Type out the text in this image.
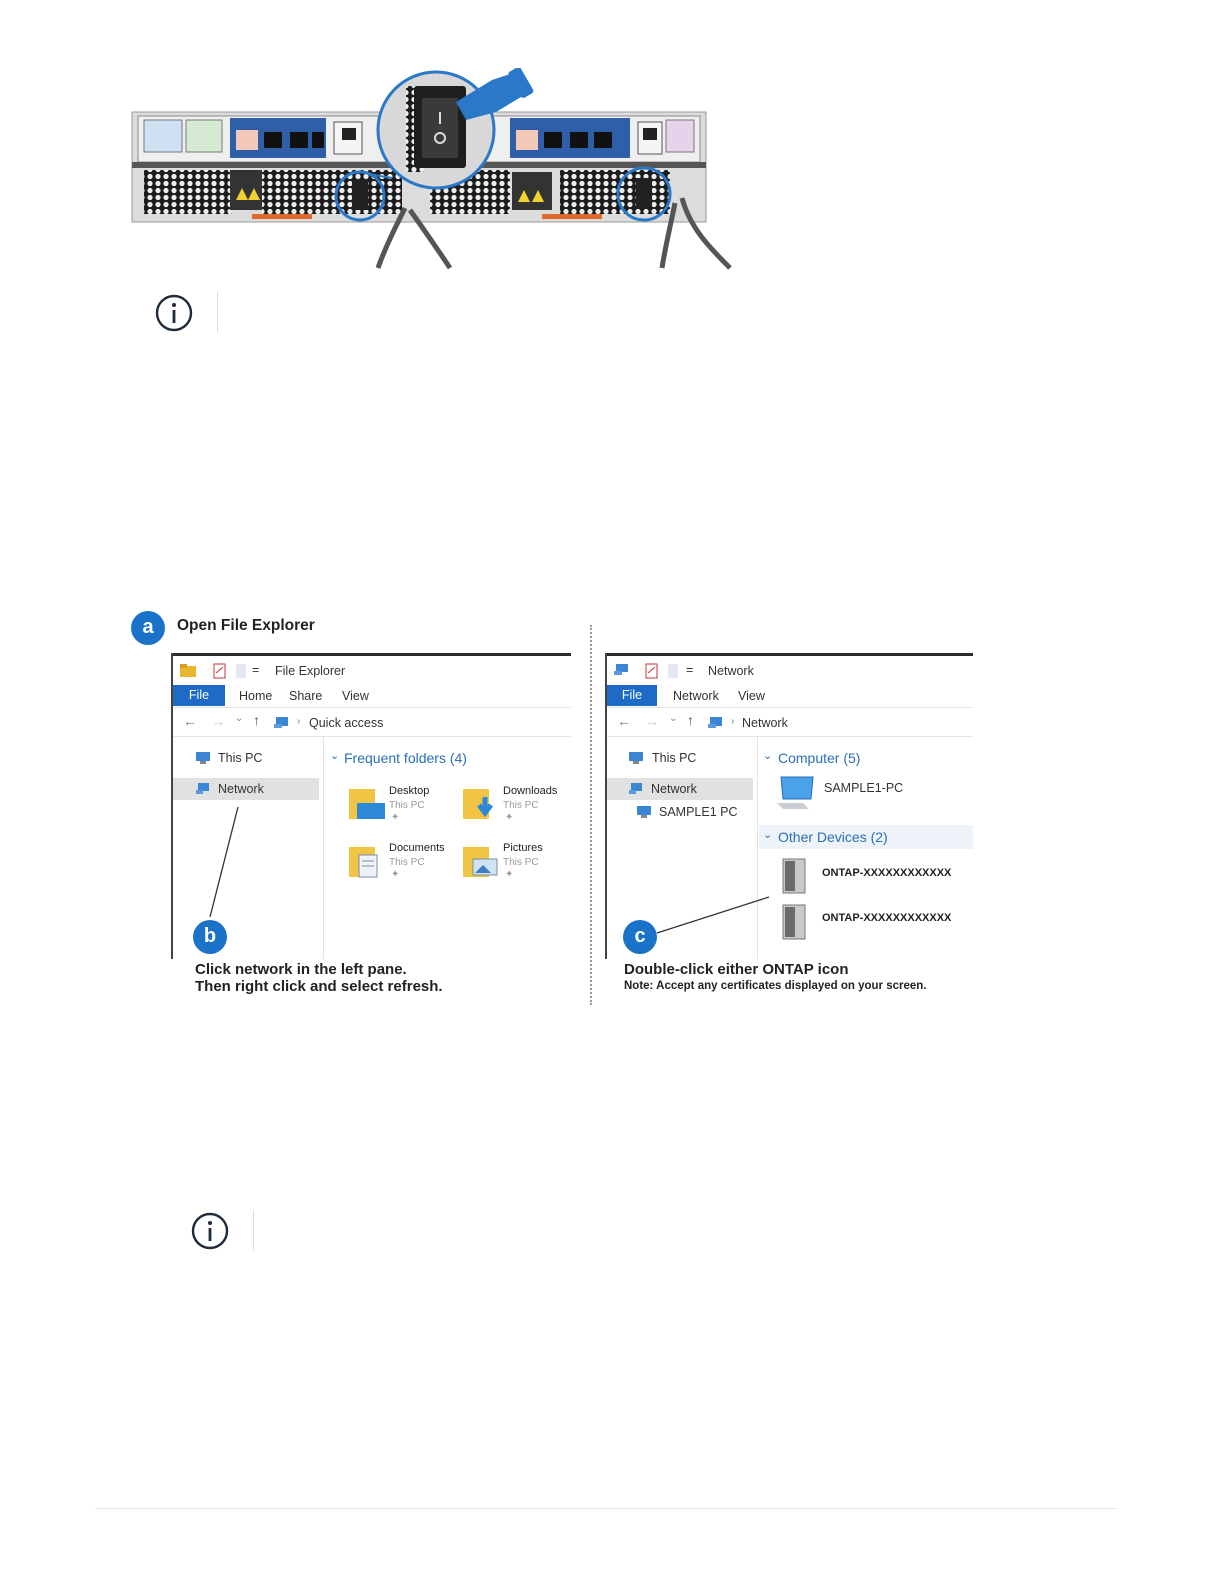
a	Open File Explorer
= File Explorer
File	Home Share View
← → ⌄ ↑	› Quick access
This PC
Network
⌄ Frequent folders (4)
Desktop
This PC
✦
Downloads
This PC
✦
Documents
This PC
✦
Pictures
This PC
✦
b
Click network in the left pane.
Then right click and select refresh.
= Network
File	Network View
← → ⌄ ↑	› Network
This PC
Network
SAMPLE1 PC
⌄ Computer (5)
SAMPLE1-PC
⌄ Other Devices (2)
ONTAP-XXXXXXXXXXXX
ONTAP-XXXXXXXXXXXX
c
Double-click either ONTAP icon
Note: Accept any certificates displayed on your screen.
